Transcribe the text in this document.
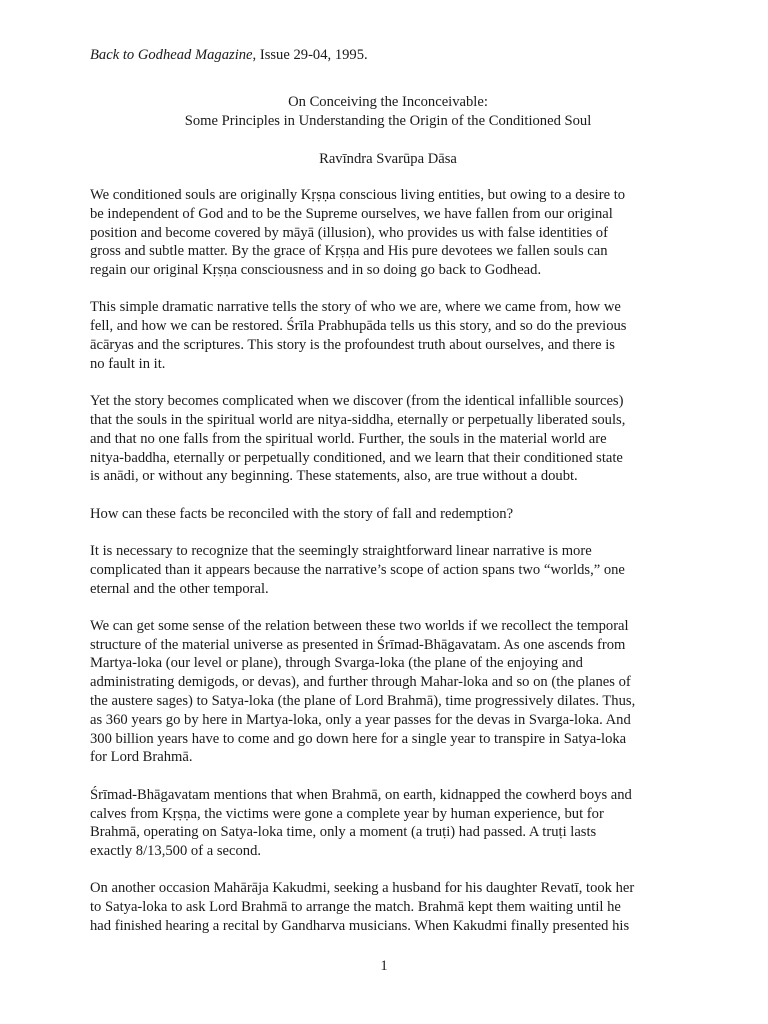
Back to Godhead Magazine, Issue 29-04, 1995.
On Conceiving the Inconceivable:
Some Principles in Understanding the Origin of the Conditioned Soul
Ravīndra Svarūpa Dāsa
We conditioned souls are originally Kṛṣṇa conscious living entities, but owing to a desire to
be independent of God and to be the Supreme ourselves, we have fallen from our original
position and become covered by māyā (illusion), who provides us with false identities of
gross and subtle matter. By the grace of Kṛṣṇa and His pure devotees we fallen souls can
regain our original Kṛṣṇa consciousness and in so doing go back to Godhead.
This simple dramatic narrative tells the story of who we are, where we came from, how we
fell, and how we can be restored. Śrīla Prabhupāda tells us this story, and so do the previous
ācāryas and the scriptures. This story is the profoundest truth about ourselves, and there is
no fault in it.
Yet the story becomes complicated when we discover (from the identical infallible sources)
that the souls in the spiritual world are nitya-siddha, eternally or perpetually liberated souls,
and that no one falls from the spiritual world. Further, the souls in the material world are
nitya-baddha, eternally or perpetually conditioned, and we learn that their conditioned state
is anādi, or without any beginning. These statements, also, are true without a doubt.
How can these facts be reconciled with the story of fall and redemption?
It is necessary to recognize that the seemingly straightforward linear narrative is more
complicated than it appears because the narrative’s scope of action spans two “worlds,” one
eternal and the other temporal.
We can get some sense of the relation between these two worlds if we recollect the temporal
structure of the material universe as presented in Śrīmad-Bhāgavatam. As one ascends from
Martya-loka (our level or plane), through Svarga-loka (the plane of the enjoying and
administrating demigods, or devas), and further through Mahar-loka and so on (the planes of
the austere sages) to Satya-loka (the plane of Lord Brahmā), time progressively dilates. Thus,
as 360 years go by here in Martya-loka, only a year passes for the devas in Svarga-loka. And
300 billion years have to come and go down here for a single year to transpire in Satya-loka
for Lord Brahmā.
Śrīmad-Bhāgavatam mentions that when Brahmā, on earth, kidnapped the cowherd boys and
calves from Kṛṣṇa, the victims were gone a complete year by human experience, but for
Brahmā, operating on Satya-loka time, only a moment (a truṭi) had passed. A truṭi lasts
exactly 8/13,500 of a second.
On another occasion Mahārāja Kakudmi, seeking a husband for his daughter Revatī, took her
to Satya-loka to ask Lord Brahmā to arrange the match. Brahmā kept them waiting until he
had finished hearing a recital by Gandharva musicians. When Kakudmi finally presented his
1
